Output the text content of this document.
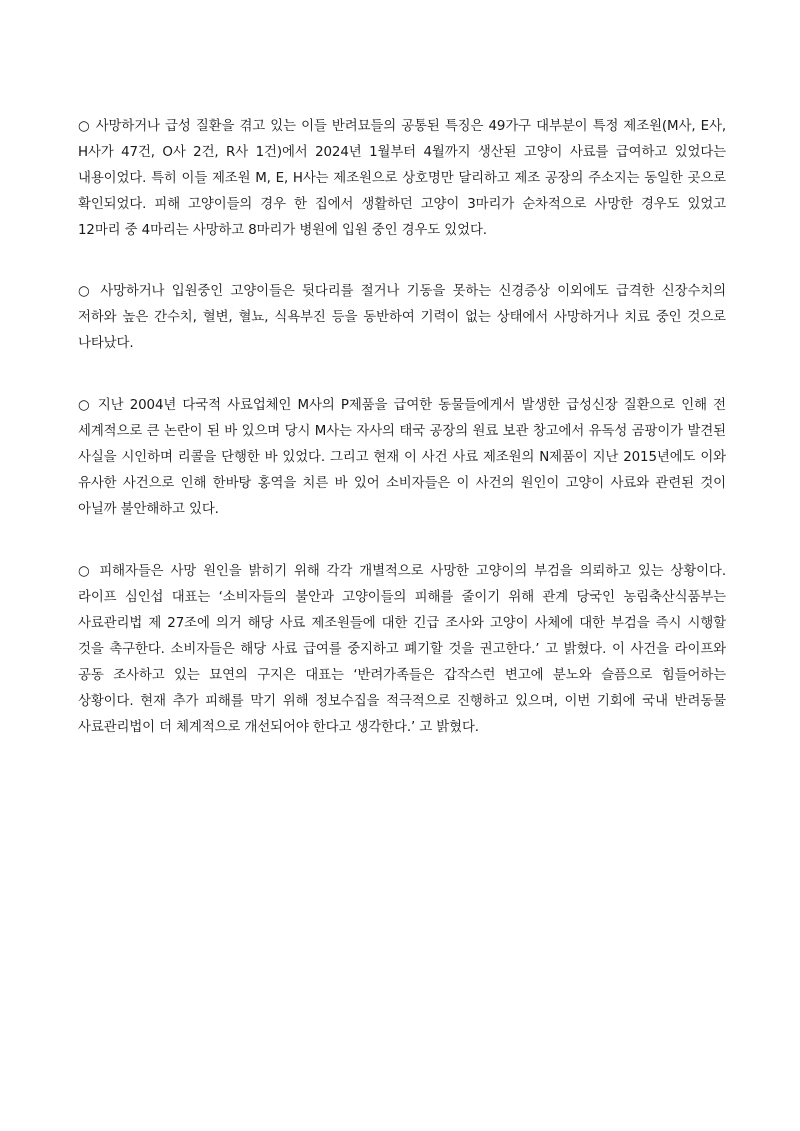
○ 사망하거나 급성 질환을 겪고 있는 이들 반려묘들의 공통된 특징은 49가구 대부분이 특정 제조원(M사, E사, H사가 47건, O사 2건, R사 1건)에서 2024년 1월부터 4월까지 생산된 고양이 사료를 급여하고 있었다는 내용이었다. 특히 이들 제조원 M, E, H사는 제조원으로 상호명만 달리하고 제조 공장의 주소지는 동일한 곳으로 확인되었다. 피해 고양이들의 경우 한 집에서 생활하던 고양이 3마리가 순차적으로 사망한 경우도 있었고 12마리 중 4마리는 사망하고 8마리가 병원에 입원 중인 경우도 있었다.

○ 사망하거나 입원중인 고양이들은 뒷다리를 절거나 기동을 못하는 신경증상 이외에도 급격한 신장수치의 저하와 높은 간수치, 혈변, 혈뇨, 식욕부진 등을 동반하여 기력이 없는 상태에서 사망하거나 치료 중인 것으로 나타났다.

○ 지난 2004년 다국적 사료업체인 M사의 P제품을 급여한 동물들에게서 발생한 급성신장 질환으로 인해 전 세계적으로 큰 논란이 된 바 있으며 당시 M사는 자사의 태국 공장의 원료 보관 창고에서 유독성 곰팡이가 발견된 사실을 시인하며 리콜을 단행한 바 있었다. 그리고 현재 이 사건 사료 제조원의 N제품이 지난 2015년에도 이와 유사한 사건으로 인해 한바탕 홍역을 치른 바 있어 소비자들은 이 사건의 원인이 고양이 사료와 관련된 것이 아닐까 불안해하고 있다.

○ 피해자들은 사망 원인을 밝히기 위해 각각 개별적으로 사망한 고양이의 부검을 의뢰하고 있는 상황이다. 라이프 심인섭 대표는 ‘소비자들의 불안과 고양이들의 피해를 줄이기 위해 관계 당국인 농림축산식품부는 사료관리법 제 27조에 의거 해당 사료 제조원들에 대한 긴급 조사와 고양이 사체에 대한 부검을 즉시 시행할 것을 촉구한다. 소비자들은 해당 사료 급여를 중지하고 폐기할 것을 권고한다.’ 고 밝혔다. 이 사건을 라이프와 공동 조사하고 있는 묘연의 구지은 대표는 ‘반려가족들은 갑작스런 변고에 분노와 슬픔으로 힘들어하는 상황이다. 현재 추가 피해를 막기 위해 정보수집을 적극적으로 진행하고 있으며, 이번 기회에 국내 반려동물 사료관리법이 더 체계적으로 개선되어야 한다고 생각한다.’ 고 밝혔다.
